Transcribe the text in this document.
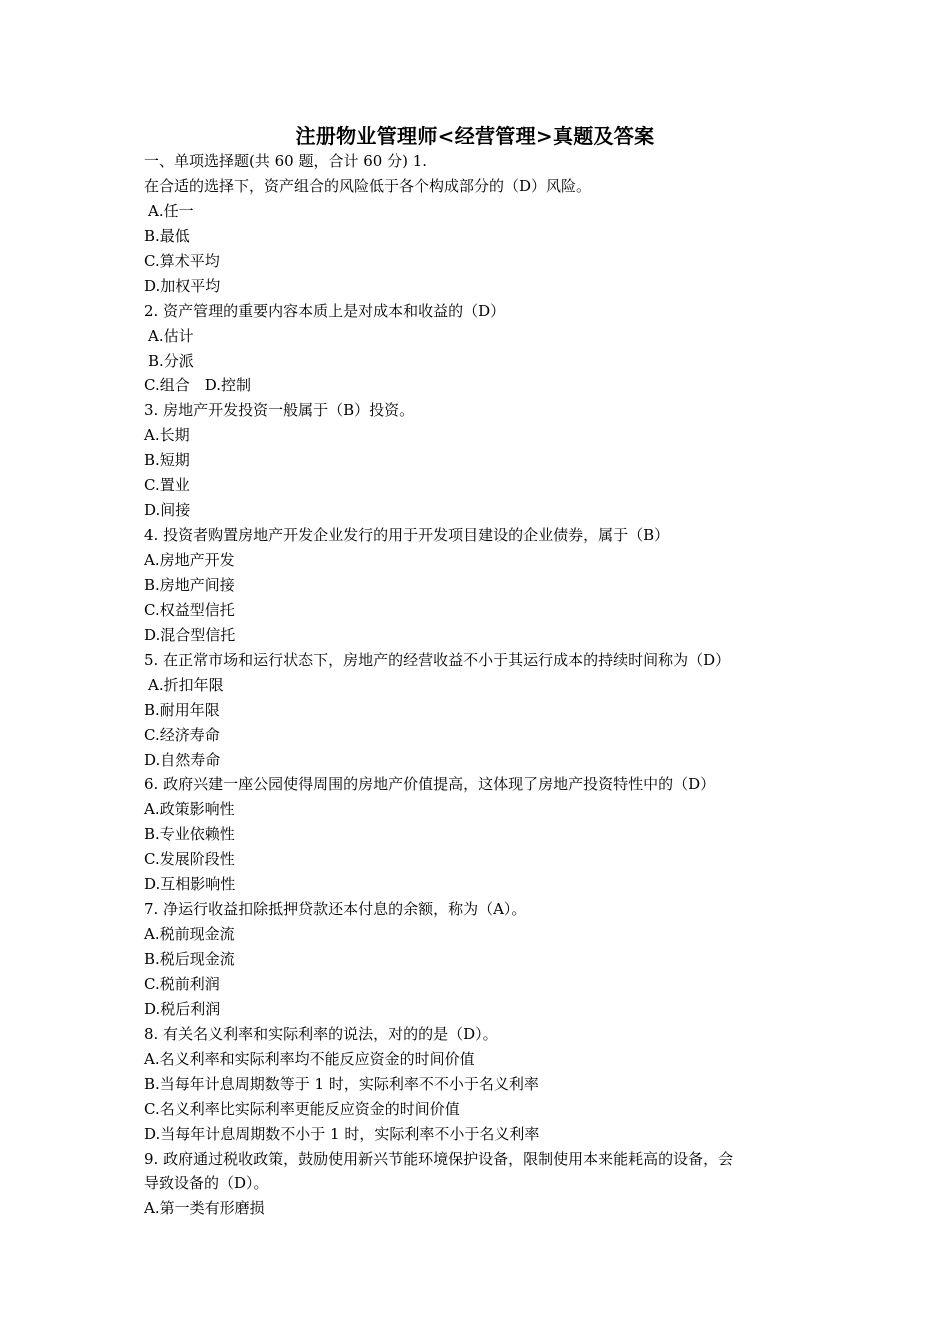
注册物业管理师<经营管理>真题及答案
一、单项选择题(共 60 题，合计 60 分) 1.
在合适的选择下，资产组合的风险低于各个构成部分的（D）风险。
A.任一
B.最低
C.算术平均
D.加权平均
2. 资产管理的重要内容本质上是对成本和收益的（D）
A.估计
B.分派
C.组合　D.控制
3. 房地产开发投资一般属于（B）投资。
A.长期
B.短期
C.置业
D.间接
4. 投资者购置房地产开发企业发行的用于开发项目建设的企业债券，属于（B）
A.房地产开发
B.房地产间接
C.权益型信托
D.混合型信托
5. 在正常市场和运行状态下，房地产的经营收益不小于其运行成本的持续时间称为（D）
A.折扣年限
B.耐用年限
C.经济寿命
D.自然寿命
6. 政府兴建一座公园使得周围的房地产价值提高，这体现了房地产投资特性中的（D）
A.政策影响性
B.专业依赖性
C.发展阶段性
D.互相影响性
7. 净运行收益扣除抵押贷款还本付息的余额，称为（A）。
A.税前现金流
B.税后现金流
C.税前利润
D.税后利润
8. 有关名义利率和实际利率的说法，对的的是（D）。
A.名义利率和实际利率均不能反应资金的时间价值
B.当每年计息周期数等于 1 时，实际利率不不小于名义利率
C.名义利率比实际利率更能反应资金的时间价值
D.当每年计息周期数不小于 1 时，实际利率不小于名义利率
9. 政府通过税收政策，鼓励使用新兴节能环境保护设备，限制使用本来能耗高的设备，会
导致设备的（D）。
A.第一类有形磨损
